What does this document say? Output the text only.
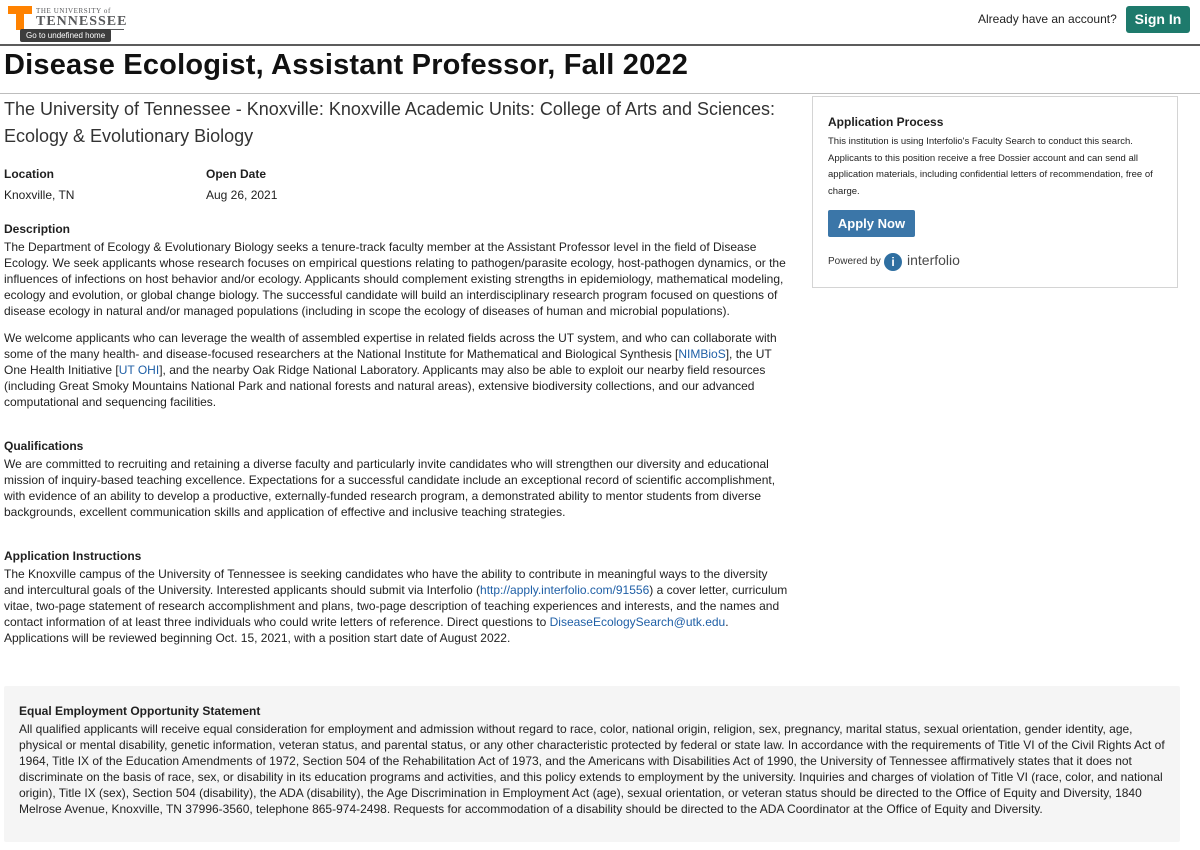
THE UNIVERSITY of
TENNESSEE
Go to undefined home
Already have an account?	Sign In
Disease Ecologist, Assistant Professor, Fall 2022
The University of Tennessee - Knoxville: Knoxville Academic Units: College of Arts and Sciences: Ecology & Evolutionary Biology
Location
Knoxville, TN
Open Date
Aug 26, 2021
Description

The Department of Ecology & Evolutionary Biology seeks a tenure-track faculty member at the Assistant Professor level in the field of Disease Ecology. We seek applicants whose research focuses on empirical questions relating to pathogen/parasite ecology, host-pathogen dynamics, or the influences of infections on host behavior and/or ecology. Applicants should complement existing strengths in epidemiology, mathematical modeling, ecology and evolution, or global change biology. The successful candidate will build an interdisciplinary research program focused on questions of disease ecology in natural and/or managed populations (including in scope the ecology of diseases of human and microbial populations).

We welcome applicants who can leverage the wealth of assembled expertise in related fields across the UT system, and who can collaborate with some of the many health- and disease-focused researchers at the National Institute for Mathematical and Biological Synthesis [NIMBioS], the UT One Health Initiative [UT OHI], and the nearby Oak Ridge National Laboratory. Applicants may also be able to exploit our nearby field resources (including Great Smoky Mountains National Park and national forests and natural areas), extensive biodiversity collections, and our advanced computational and sequencing facilities.

Qualifications

We are committed to recruiting and retaining a diverse faculty and particularly invite candidates who will strengthen our diversity and educational mission of inquiry-based teaching excellence. Expectations for a successful candidate include an exceptional record of scientific accomplishment, with evidence of an ability to develop a productive, externally-funded research program, a demonstrated ability to mentor students from diverse backgrounds, excellent communication skills and application of effective and inclusive teaching strategies.

Application Instructions

The Knoxville campus of the University of Tennessee is seeking candidates who have the ability to contribute in meaningful ways to the diversity and intercultural goals of the University. Interested applicants should submit via Interfolio (http://apply.interfolio.com/91556) a cover letter, curriculum vitae, two-page statement of research accomplishment and plans, two-page description of teaching experiences and interests, and the names and contact information of at least three individuals who could write letters of reference. Direct questions to DiseaseEcologySearch@utk.edu. Applications will be reviewed beginning Oct. 15, 2021, with a position start date of August 2022.

Application Process

This institution is using Interfolio's Faculty Search to conduct this search. Applicants to this position receive a free Dossier account and can send all application materials, including confidential letters of recommendation, free of charge.

Apply Now
Powered by i interfolio
Equal Employment Opportunity Statement

All qualified applicants will receive equal consideration for employment and admission without regard to race, color, national origin, religion, sex, pregnancy, marital status, sexual orientation, gender identity, age, physical or mental disability, genetic information, veteran status, and parental status, or any other characteristic protected by federal or state law. In accordance with the requirements of Title VI of the Civil Rights Act of 1964, Title IX of the Education Amendments of 1972, Section 504 of the Rehabilitation Act of 1973, and the Americans with Disabilities Act of 1990, the University of Tennessee affirmatively states that it does not discriminate on the basis of race, sex, or disability in its education programs and activities, and this policy extends to employment by the university. Inquiries and charges of violation of Title VI (race, color, and national origin), Title IX (sex), Section 504 (disability), the ADA (disability), the Age Discrimination in Employment Act (age), sexual orientation, or veteran status should be directed to the Office of Equity and Diversity, 1840 Melrose Avenue, Knoxville, TN 37996-3560, telephone 865-974-2498. Requests for accommodation of a disability should be directed to the ADA Coordinator at the Office of Equity and Diversity.
